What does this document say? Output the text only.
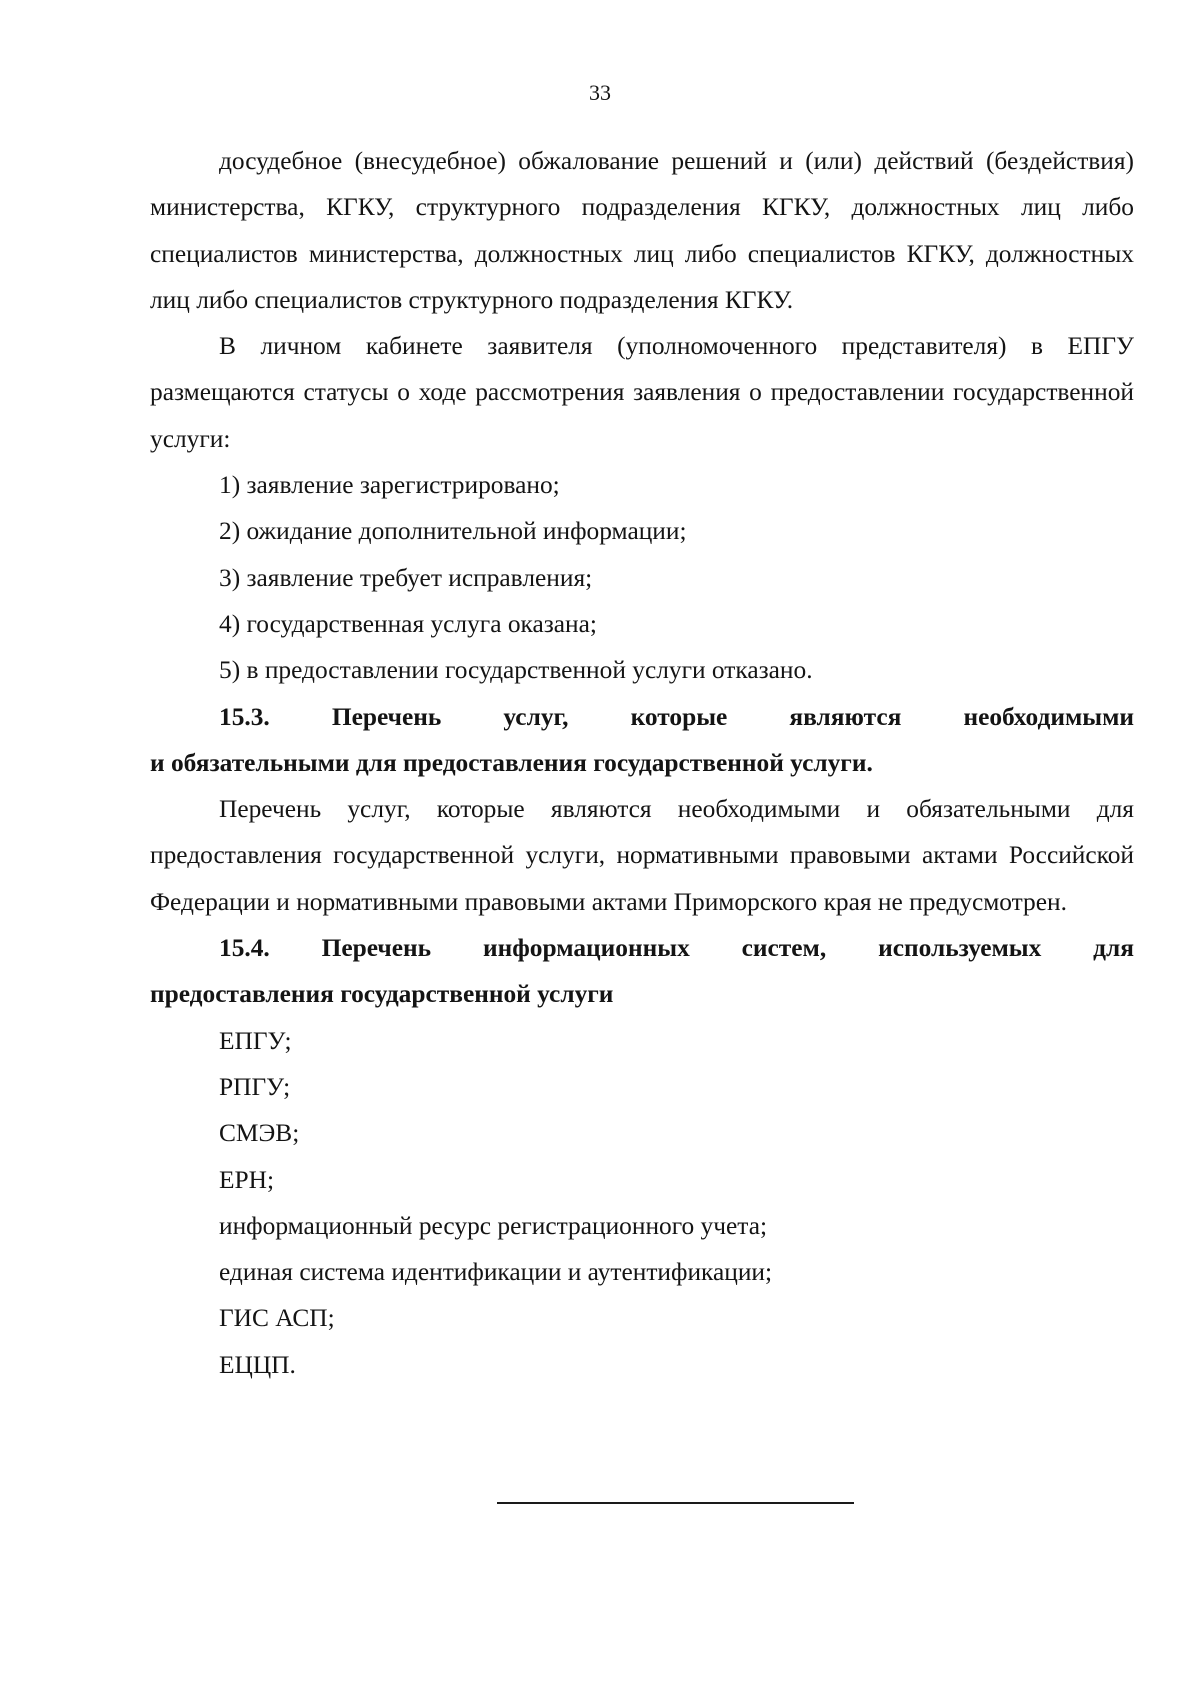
33

досудебное (внесудебное) обжалование решений и (или) действий (бездействия) министерства, КГКУ, структурного подразделения КГКУ, должностных лиц либо специалистов министерства, должностных лиц либо специалистов КГКУ, должностных лиц либо специалистов структурного подразделения КГКУ.

В личном кабинете заявителя (уполномоченного представителя) в ЕПГУ размещаются статусы о ходе рассмотрения заявления о предоставлении государственной услуги:

1) заявление зарегистрировано;

2) ожидание дополнительной информации;

3) заявление требует исправления;

4) государственная услуга оказана;

5) в предоставлении государственной услуги отказано.

15.3. Перечень услуг, которые являются необходимыми

и обязательными для предоставления государственной услуги.

Перечень услуг, которые являются необходимыми и обязательными для предоставления государственной услуги, нормативными правовыми актами Российской Федерации и нормативными правовыми актами Приморского края не предусмотрен.

15.4. Перечень информационных систем, используемых для

предоставления государственной услуги

ЕПГУ;

РПГУ;

СМЭВ;

ЕРН;

информационный ресурс регистрационного учета;

единая система идентификации и аутентификации;

ГИС АСП;

ЕЦЦП.
